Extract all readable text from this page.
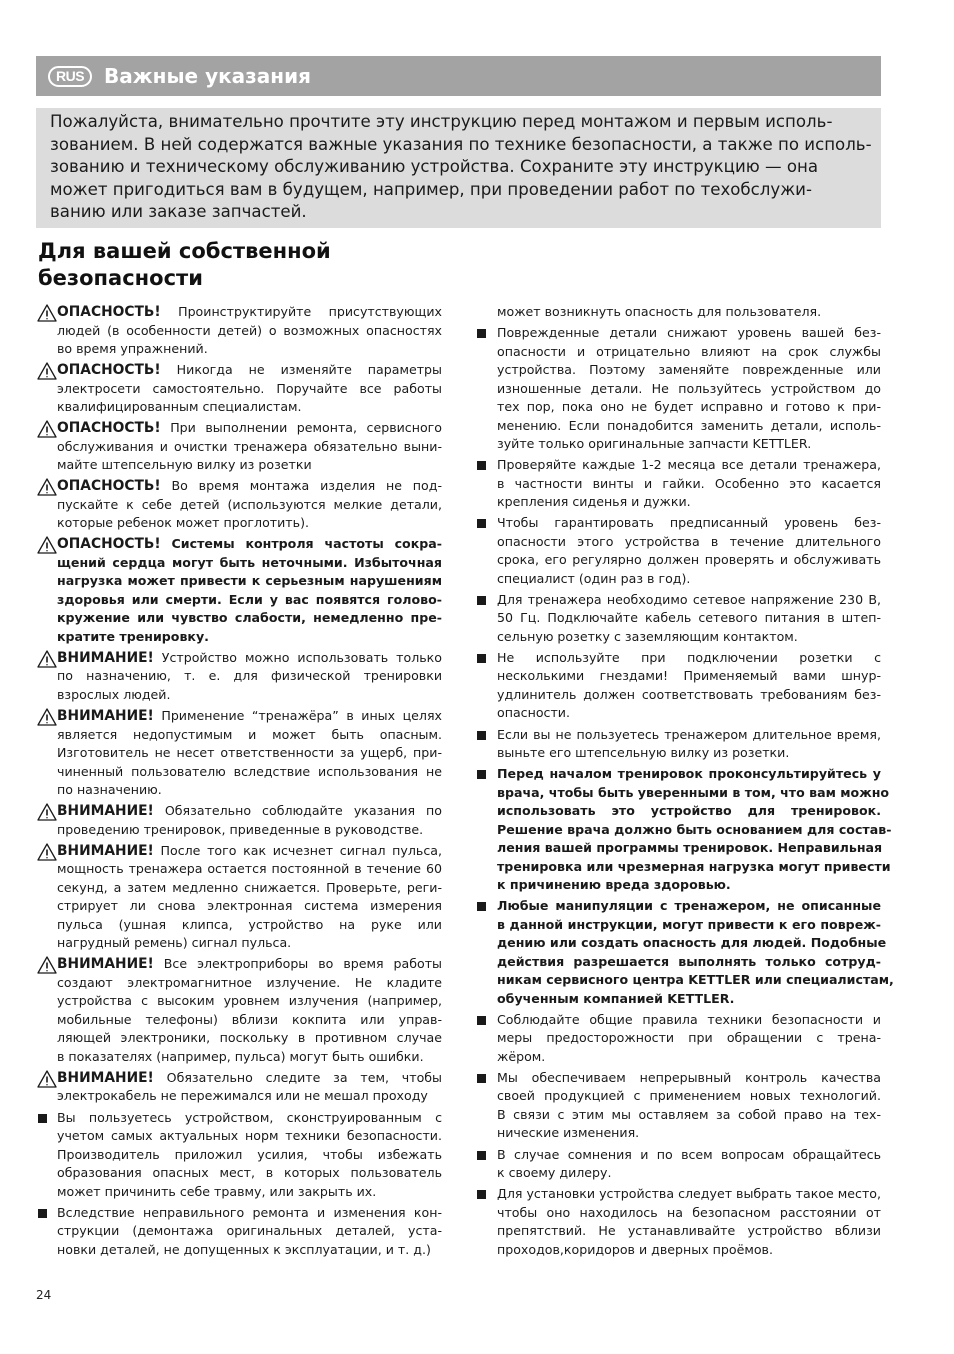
RUS Важные указания
Пожалуйста, внимательно прочтите эту инструкцию перед монтажом и первым исполь-
зованием. В ней содержатся важные указания по технике безопасности, а также по исполь-
зованию и техническому обслуживанию устройства. Сохраните эту инструкцию — она
может пригодиться вам в будущем, например, при проведении работ по техобслужи-
ванию или заказе запчастей.
Для вашей собственной
безопасности
ОПАСНОСТЬ! Проинструктируйте присутствующих
людей (в особенности детей) о возможных опасностях
во время упражнений.
ОПАСНОСТЬ! Никогда не изменяйте параметры
электросети самостоятельно. Поручайте все работы
квалифицированным специалистам.
ОПАСНОСТЬ! При выполнении ремонта, сервисного
обслуживания и очистки тренажера обязательно выни-
майте штепсельную вилку из розетки
ОПАСНОСТЬ! Во время монтажа изделия не под-
пускайте к себе детей (используются мелкие детали,
которые ребенок может проглотить).
ОПАСНОСТЬ! Системы контроля частоты сокра-
щений сердца могут быть неточными. Избыточная
нагрузка может привести к серьезным нарушениям
здоровья или смерти. Если у вас появятся голово-
кружение или чувство слабости, немедленно пре-
кратите тренировку.
ВНИМАНИЕ! Устройство можно использовать только
по назначению, т. е. для физической тренировки
взрослых людей.
ВНИМАНИЕ! Применение “тренажёра” в иных целях
является недопустимым и может быть опасным.
Изготовитель не несет ответственности за ущерб, при-
чиненный пользователю вследствие использования не
по назначению.
ВНИМАНИЕ! Обязательно соблюдайте указания по
проведению тренировок, приведенные в руководстве.
ВНИМАНИЕ! После того как исчезнет сигнал пульса,
мощность тренажера остается постоянной в течение 60
секунд, а затем медленно снижается. Проверьте, реги-
стрирует ли снова электронная система измерения
пульса (ушная клипса, устройство на руке или
нагрудный ремень) сигнал пульса.
ВНИМАНИЕ! Все электроприборы во время работы
создают электромагнитное излучение. Не кладите
устройства с высоким уровнем излучения (например,
мобильные телефоны) вблизи кокпита или управ-
ляющей электроники, поскольку в противном случае
в показателях (например, пульса) могут быть ошибки.
ВНИМАНИЕ! Обязательно следите за тем, чтобы
электрокабель не пережимался или не мешал проходу
Вы пользуетесь устройством, сконструированным с
учетом самых актуальных норм техники безопасности.
Производитель приложил усилия, чтобы избежать
образования опасных мест, в которых пользователь
может причинить себе травму, или закрыть их.
Вследствие неправильного ремонта и изменения кон-
струкции (демонтажа оригинальных деталей, уста-
новки деталей, не допущенных к эксплуатации, и т. д.)
может возникнуть опасность для пользователя.
Поврежденные детали снижают уровень вашей без-
опасности и отрицательно влияют на срок службы
устройства. Поэтому заменяйте поврежденные или
изношенные детали. Не пользуйтесь устройством до
тех пор, пока оно не будет исправно и готово к при-
менению. Если понадобится заменить детали, исполь-
зуйте только оригинальные запчасти KETTLER.
Проверяйте каждые 1-2 месяца все детали тренажера,
в частности винты и гайки. Особенно это касается
крепления сиденья и дужки.
Чтобы гарантировать предписанный уровень без-
опасности этого устройства в течение длительного
срока, его регулярно должен проверять и обслуживать
специалист (один раз в год).
Для тренажера необходимо сетевое напряжение 230 В,
50 Гц. Подключайте кабель сетевого питания в штеп-
сельную розетку с заземляющим контактом.
Не используйте при подключении розетки с
несколькими гнездами! Применяемый вами шнур-
удлинитель должен соответствовать требованиям без-
опасности.
Если вы не пользуетесь тренажером длительное время,
выньте его штепсельную вилку из розетки.
Перед началом тренировок проконсультируйтесь у
врача, чтобы быть уверенными в том, что вам можно
использовать это устройство для тренировок.
Решение врача должно быть основанием для состав-
ления вашей программы тренировок. Неправильная
тренировка или чрезмерная нагрузка могут привести
к причинению вреда здоровью.
Любые манипуляции с тренажером, не описанные
в данной инструкции, могут привести к его повреж-
дению или создать опасность для людей. Подобные
действия разрешается выполнять только сотруд-
никам сервисного центра KETTLER или специалистам,
обученным компанией KETTLER.
Соблюдайте общие правила техники безопасности и
меры предосторожности при обращении с трена-
жёром.
Мы обеспечиваем непрерывный контроль качества
своей продукцией с применением новых технологий.
В связи с этим мы оставляем за собой право на тех-
нические изменения.
В случае сомнения и по всем вопросам обращайтесь
к своему дилеру.
Для установки устройства следует выбрать такое место,
чтобы оно находилось на безопасном расстоянии от
препятствий. Не устанавливайте устройство вблизи
проходов,коридоров и дверных проёмов.
24
